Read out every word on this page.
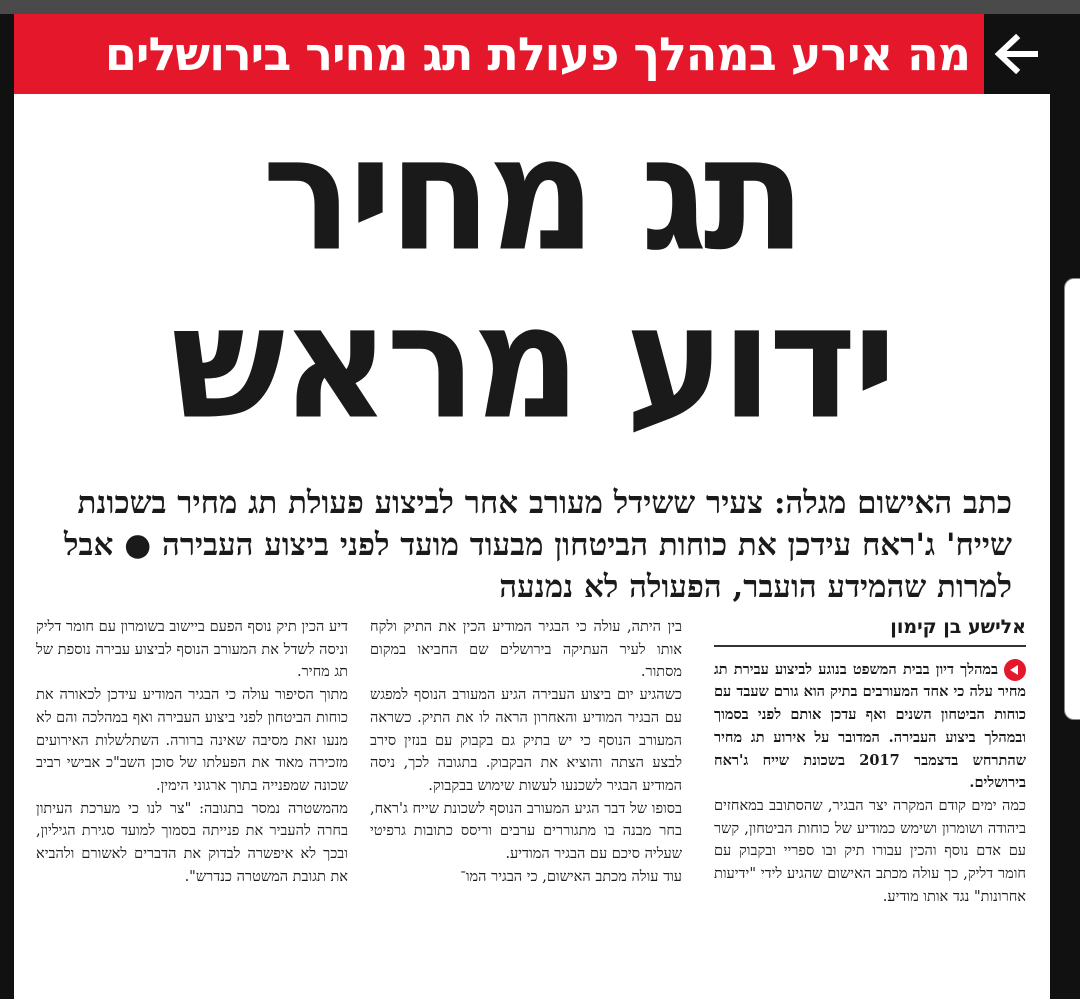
מה אירע במהלך פעולת תג מחיר בירושלים
תג מחיר
ידוע מראש
כתב האישום מגלה: צעיר ששידל מעורב אחר לביצוע פעולת תג מחיר בשכונת שייח' ג'ראח עידכן את כוחות הביטחון מבעוד מועד לפני ביצוע העבירה ● אבל למרות שהמידע הועבר, הפעולה לא נמנעה
אלישע בן קימון

במהלך דיון בבית המשפט בנוגע לביצוע עבירת תג מחיר עלה כי אחד המעורבים בתיק הוא גורם שעבד עם כוחות הביטחון השנים ואף עדכן אותם לפני בסמוך ובמהלך ביצוע העבירה. המדובר על אירוע תג מחיר שהתרחש בדצמבר 2017 בשכונת שייח ג'ראח בירושלים.

כמה ימים קודם המקרה יצר הבגיר, שהסתובב במאחזים ביהודה ושומרון ושימש כמודיע של כוחות הביטחון, קשר עם אדם נוסף והכין עבורו תיק ובו ספריי ובקבוק עם חומר דליק, כך עולה מכתב האישום שהגיע לידי "ידיעות אחרונות" נגד אותו מודיע.

בין היתה, עולה כי הבגיר המודיע הכין את התיק ולקח אותו לעיר העתיקה בירושלים שם החביאו במקום מסתור.

כשהגיע יום ביצוע העבירה הגיע המעורב הנוסף למפגש עם הבגיר המודיע והאחרון הראה לו את התיק. כשראה המעורב הנוסף כי יש בתיק גם בקבוק עם בנזין סירב לבצע הצתה והוציא את הבקבוק. בתגובה לכך, ניסה המודיע הבגיר לשכנעו לעשות שימוש בבקבוק.

בסופו של דבר הגיע המעורב הנוסף לשכונת שייח ג'ראח, בחר מבנה בו מתגוררים ערבים וריסס כתובות גרפיטי שעליה סיכם עם הבגיר המודיע.

עוד עולה מכתב האישום, כי הבגיר המו־

דיע הכין תיק נוסף הפעם ביישוב בשומרון עם חומר דליק וניסה לשדל את המעורב הנוסף לביצוע עבירה נוספת של תג מחיר.

מתוך הסיפור עולה כי הבגיר המודיע עידכן לכאורה את כוחות הביטחון לפני ביצוע העבירה ואף במהלכה והם לא מנעו זאת מסיבה שאינה ברורה. השתלשלות האירועים מזכירה מאוד את הפעלתו של סוכן השב"כ אבישי רביב שכונה שמפנייה בתוך ארגוני הימין.

מהמשטרה נמסר בתגובה: "צר לנו כי מערכת העיתון בחרה להעביר את פנייתה בסמוך למועד סגירת הגיליון, ובכך לא איפשרה לבדוק את הדברים לאשורם ולהביא את תגובת המשטרה כנדרש".
